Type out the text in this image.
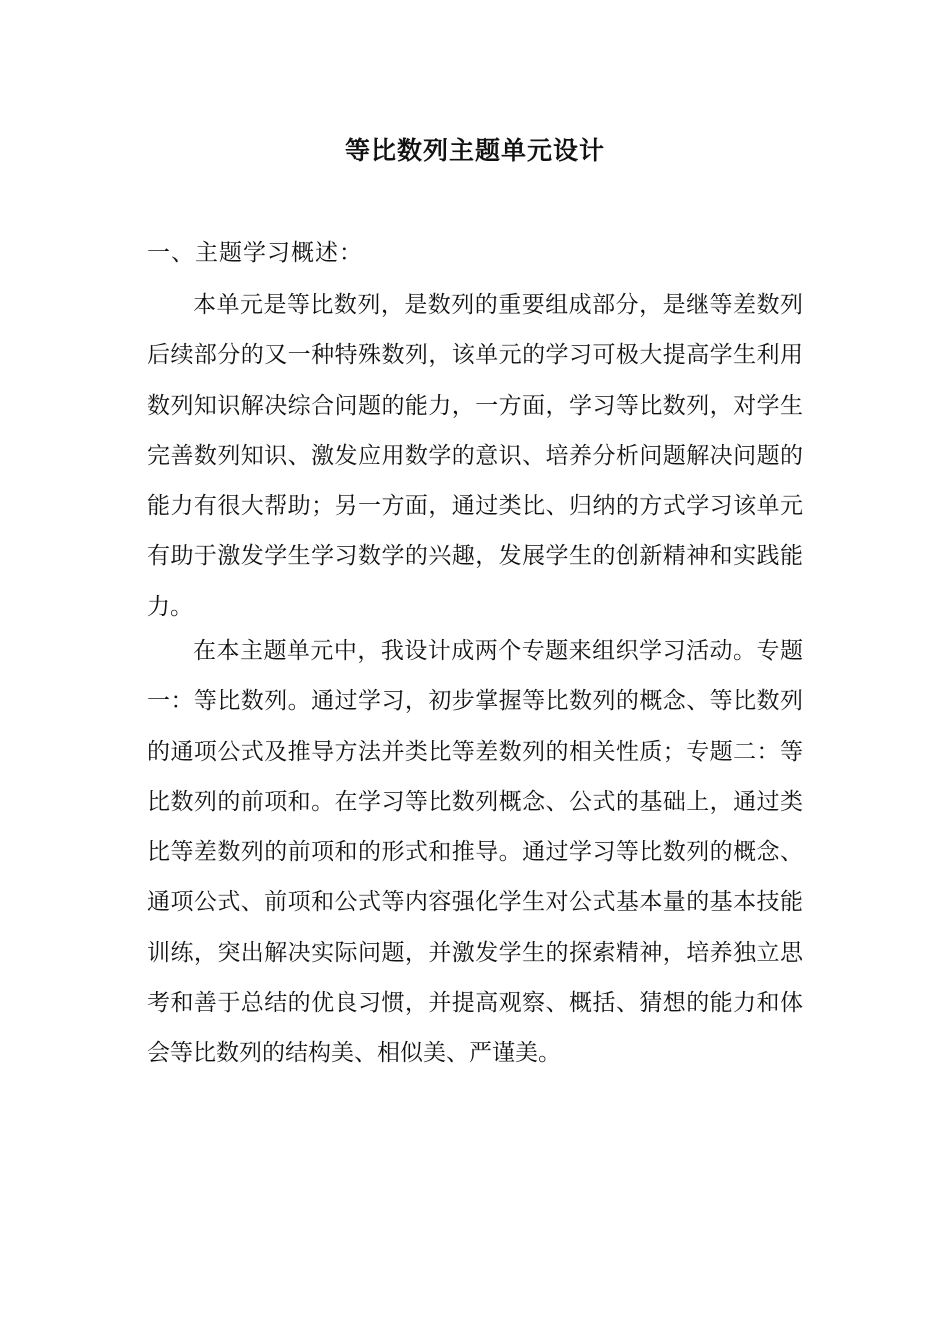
等比数列主题单元设计
一、主题学习概述：

本单元是等比数列，是数列的重要组成部分，是继等差数列后续部分的又一种特殊数列，该单元的学习可极大提高学生利用数列知识解决综合问题的能力，一方面，学习等比数列，对学生完善数列知识、激发应用数学的意识、培养分析问题解决问题的能力有很大帮助；另一方面，通过类比、归纳的方式学习该单元有助于激发学生学习数学的兴趣，发展学生的创新精神和实践能力。

在本主题单元中，我设计成两个专题来组织学习活动。专题一：等比数列。通过学习，初步掌握等比数列的概念、等比数列的通项公式及推导方法并类比等差数列的相关性质；专题二：等比数列的前项和。在学习等比数列概念、公式的基础上，通过类比等差数列的前项和的形式和推导。通过学习等比数列的概念、通项公式、前项和公式等内容强化学生对公式基本量的基本技能训练，突出解决实际问题，并激发学生的探索精神，培养独立思考和善于总结的优良习惯，并提高观察、概括、猜想的能力和体会等比数列的结构美、相似美、严谨美。
